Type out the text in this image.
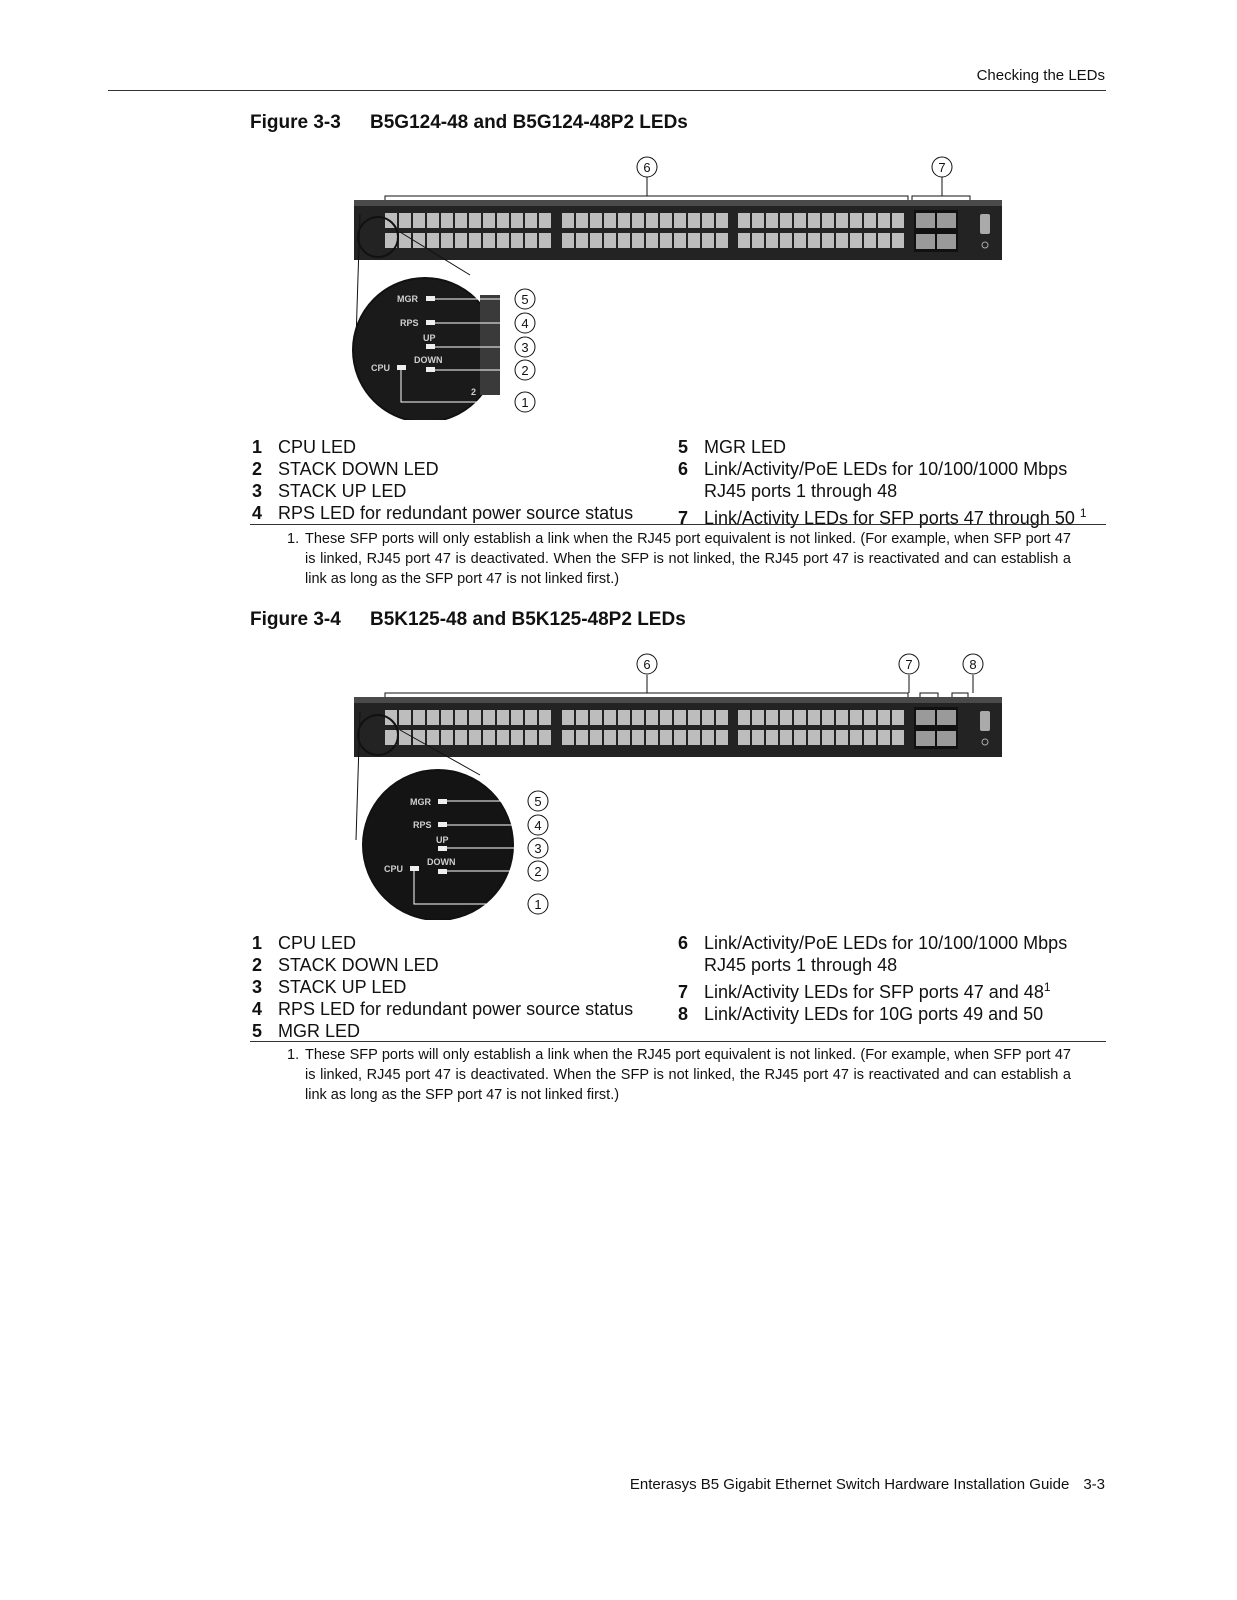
Checking the LEDs
Figure 3-3 B5G124-48 and B5G124-48P2 LEDs
MGR
RPS
UP
DOWN
CPU
2
5
4
3
2
1
6	7
1 CPU LED
2 STACK DOWN LED
3 STACK UP LED
4 RPS LED for redundant power source status
5 MGR LED
6 Link/Activity/PoE LEDs for 10/100/1000 Mbps
RJ45 ports 1 through 48
7 Link/Activity LEDs for SFP ports 47 through 50 $^1$
1. These SFP ports will only establish a link when the RJ45 port equivalent is not linked. (For example, when SFP port 47 is linked, RJ45 port 47 is deactivated. When the SFP is not linked, the RJ45 port 47 is reactivated and can establish a link as long as the SFP port 47 is not linked first.)
Figure 3-4 B5K125-48 and B5K125-48P2 LEDs
MGR
RPS
UP
DOWN
CPU
5
4
3
2
1
6	7	8
1 CPU LED
2 STACK DOWN LED
3 STACK UP LED
4 RPS LED for redundant power source status
5 MGR LED
6 Link/Activity/PoE LEDs for 10/100/1000 Mbps
RJ45 ports 1 through 48
7 Link/Activity LEDs for SFP ports 47 and $48^1$
8 Link/Activity LEDs for 10G ports 49 and 50
1. These SFP ports will only establish a link when the RJ45 port equivalent is not linked. (For example, when SFP port 47 is linked, RJ45 port 47 is deactivated. When the SFP is not linked, the RJ45 port 47 is reactivated and can establish a link as long as the SFP port 47 is not linked first.)
Enterasys B5 Gigabit Ethernet Switch Hardware Installation Guide 3-3
